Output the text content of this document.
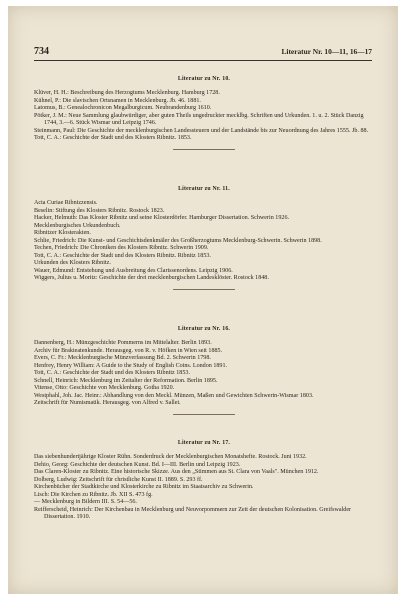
734	Literatur Nr. 10—11, 16—17
Literatur zu Nr. 10.
Klüver, H. H.: Beschreibung des Herzogtums Mecklenburg. Hamburg 1728.
Kühnel, P.: Die slavischen Ortsnamen in Mecklenburg. Jb. 46. 1881.
Latomus, B.: Genealochronicon Megalburgicum. Neubrandenburg 1610.
Pötker, J. M.: Neue Sammlung glaubwürdiger, aber guten Theils ungedruckter mecklbg. Schriften und Urkunden. 1. u. 2. Stück Danzig 1744, 3.—6. Stück Wismar und Leipzig 1746.
Steinmann, Paul: Die Geschichte der mecklenburgischen Landessteuern und der Landstände bis zur Neuordnung des Jahres 1555. Jb. 88.
Tott, C. A.: Geschichte der Stadt und des Klosters Ribnitz. 1853.
Literatur zu Nr. 11.
Acta Curiae Ribnizzensis.
Beselin: Stiftung des Klosters Ribnitz. Rostock 1823.
Hacker, Helmuth: Das Kloster Ribnitz und seine Klosterdörfer. Hamburger Dissertation. Schwerin 1926.
Mecklenburgisches Urkundenbuch.
Ribnitzer Klosterakten.
Schlie, Friedrich: Die Kunst- und Geschichtsdenkmäler des Großherzogtums Mecklenburg-Schwerin. Schwerin 1898.
Techen, Friedrich: Die Chroniken des Klosters Ribnitz. Schwerin 1909.
Tott, C. A.: Geschichte der Stadt und des Klosters Ribnitz. Ribnitz 1853.
Urkunden des Klosters Ribnitz.
Wauer, Edmund: Entstehung und Ausbreitung des Clarissenordens. Leipzig 1906.
Wiggers, Julius u. Moritz: Geschichte der drei mecklenburgischen Landesklöster. Rostock 1848.
Literatur zu Nr. 16.
Dannenberg, H.: Münzgeschichte Pommerns im Mittelalter. Berlin 1893.
Archiv für Brakteatenkunde. Herausgeg. von R. v. Höfken in Wien seit 1885.
Evers, C. Fr.: Mecklenburgische Münzverfassung Bd. 2. Schwerin 1798.
Henfrey, Henry William: A Guide to the Study of English Coins. London 1891.
Tott, C. A.: Geschichte der Stadt und des Klosters Ribnitz 1853.
Schnell, Heinrich: Mecklenburg im Zeitalter der Reformation. Berlin 1895.
Vitense, Otto: Geschichte von Mecklenburg. Gotha 1920.
Westphahl, Joh. Jac. Heinr.: Abhandlung von den Meckl. Münzen, Maßen und Gewichten Schwerin-Wismar 1803.
Zeitschrift für Numismatik. Herausgeg. von Alfred v. Sallet.
Literatur zu Nr. 17.
Das siebenhundertjährige Kloster Rühn. Sonderdruck der Mecklenburgischen Monatshefte. Rostock. Juni 1932.
Dehio, Georg: Geschichte der deutschen Kunst. Bd. I—III. Berlin und Leipzig 1923.
Das Claren-Kloster zu Ribnitz. Eine historische Skizze. Aus den „Stimmen aus St. Clara von Vaals". München 1912.
Dolberg, Ludwig: Zeitschrift für christliche Kunst II. 1889. S. 293 ff.
Kirchenbücher der Stadtkirche und Klosterkirche zu Ribnitz im Staatsarchiv zu Schwerin.
Lisch: Die Kirchen zu Ribnitz. Jb. XII S. 473 fg.
— Mecklenburg in Bildern III. S. 54—56.
Reifferscheid, Heinrich: Der Kirchenbau in Mecklenburg und Neuvorpommern zur Zeit der deutschen Kolonisation. Greifswalder Dissertation. 1910.
